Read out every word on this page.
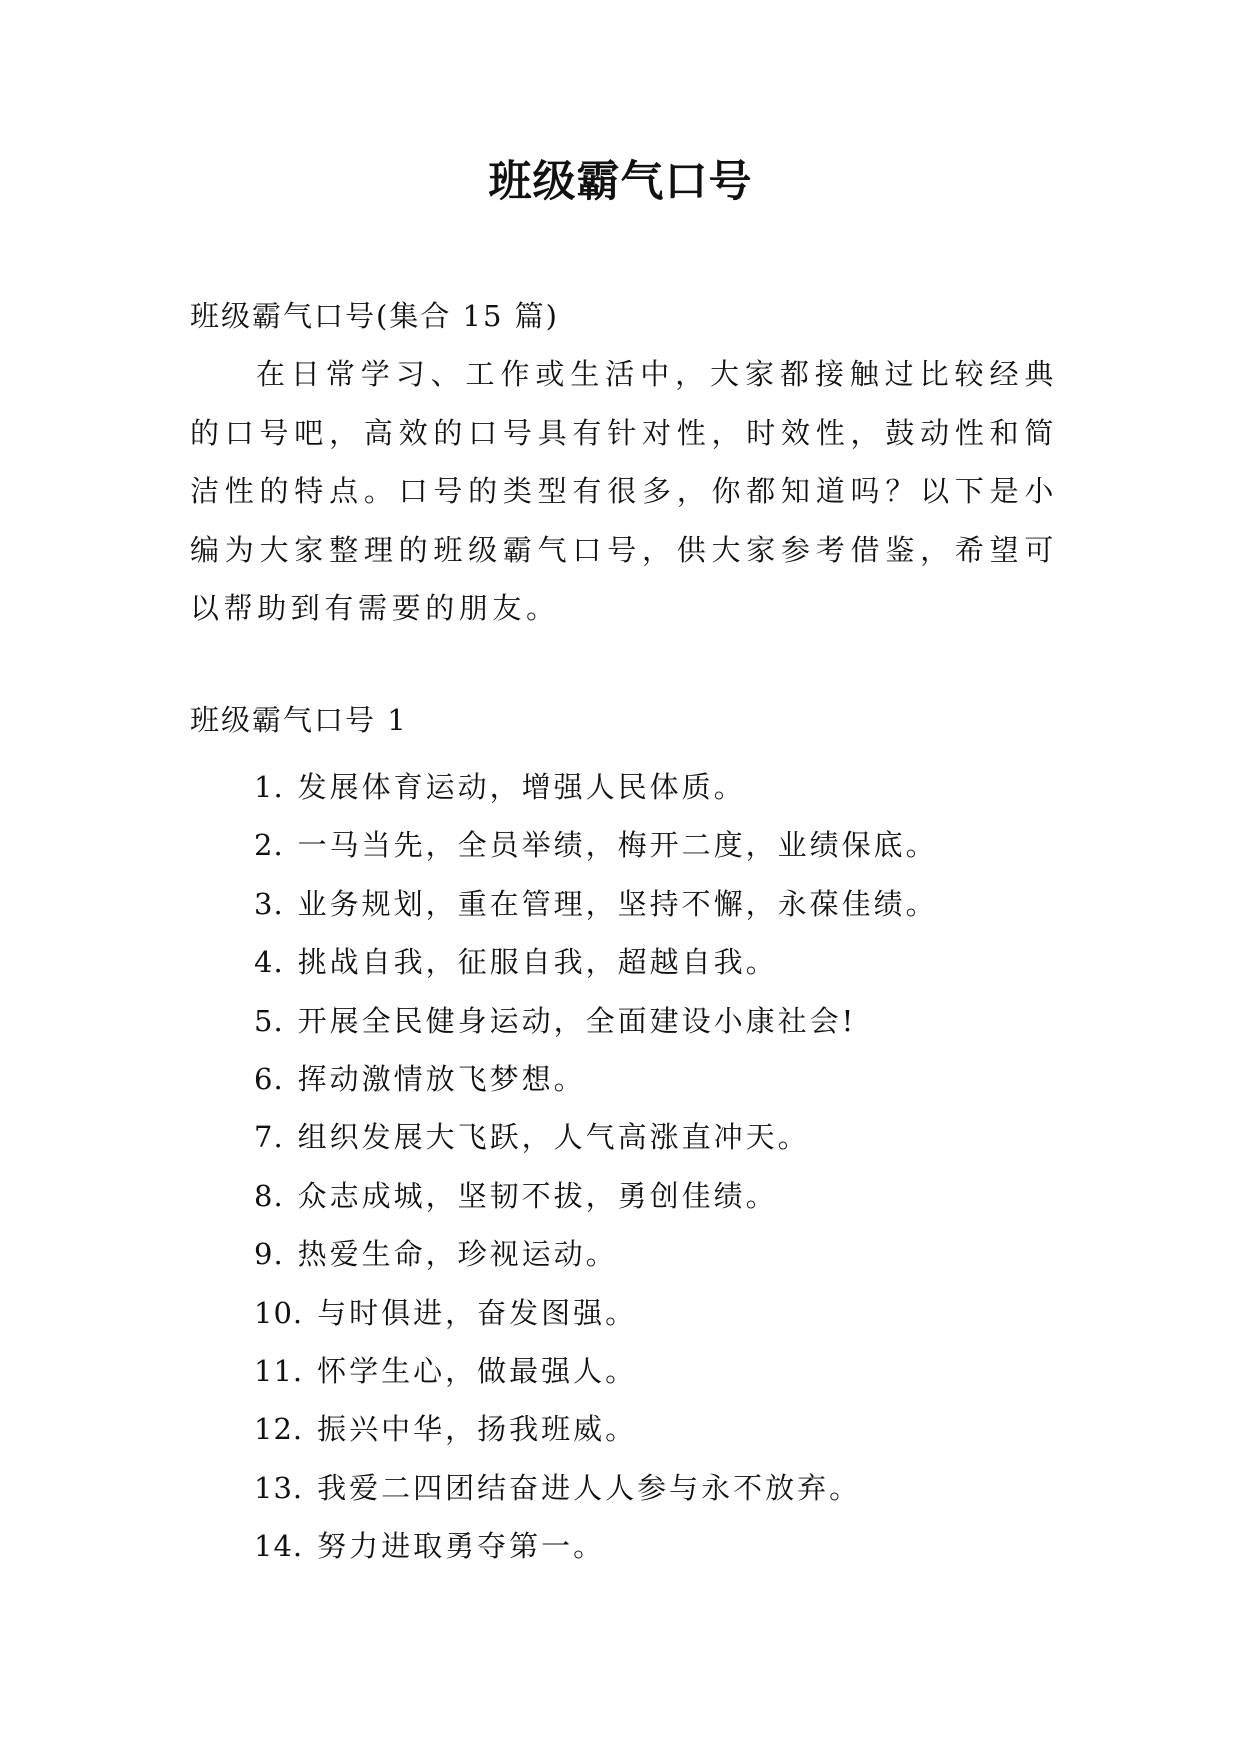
班级霸气口号

班级霸气口号(集合 15 篇)

在日常学习、工作或生活中，大家都接触过比较经典的口号吧，高效的口号具有针对性，时效性，鼓动性和简洁性的特点。口号的类型有很多，你都知道吗？以下是小编为大家整理的班级霸气口号，供大家参考借鉴，希望可以帮助到有需要的朋友。

班级霸气口号 1

1. 发展体育运动，增强人民体质。
2. 一马当先，全员举绩，梅开二度，业绩保底。
3. 业务规划，重在管理，坚持不懈，永葆佳绩。
4. 挑战自我，征服自我，超越自我。
5. 开展全民健身运动，全面建设小康社会!
6. 挥动激情放飞梦想。
7. 组织发展大飞跃，人气高涨直冲天。
8. 众志成城，坚韧不拔，勇创佳绩。
9. 热爱生命，珍视运动。
10. 与时俱进，奋发图强。
11. 怀学生心，做最强人。
12. 振兴中华，扬我班威。
13. 我爱二四团结奋进人人参与永不放弃。
14. 努力进取勇夺第一。
